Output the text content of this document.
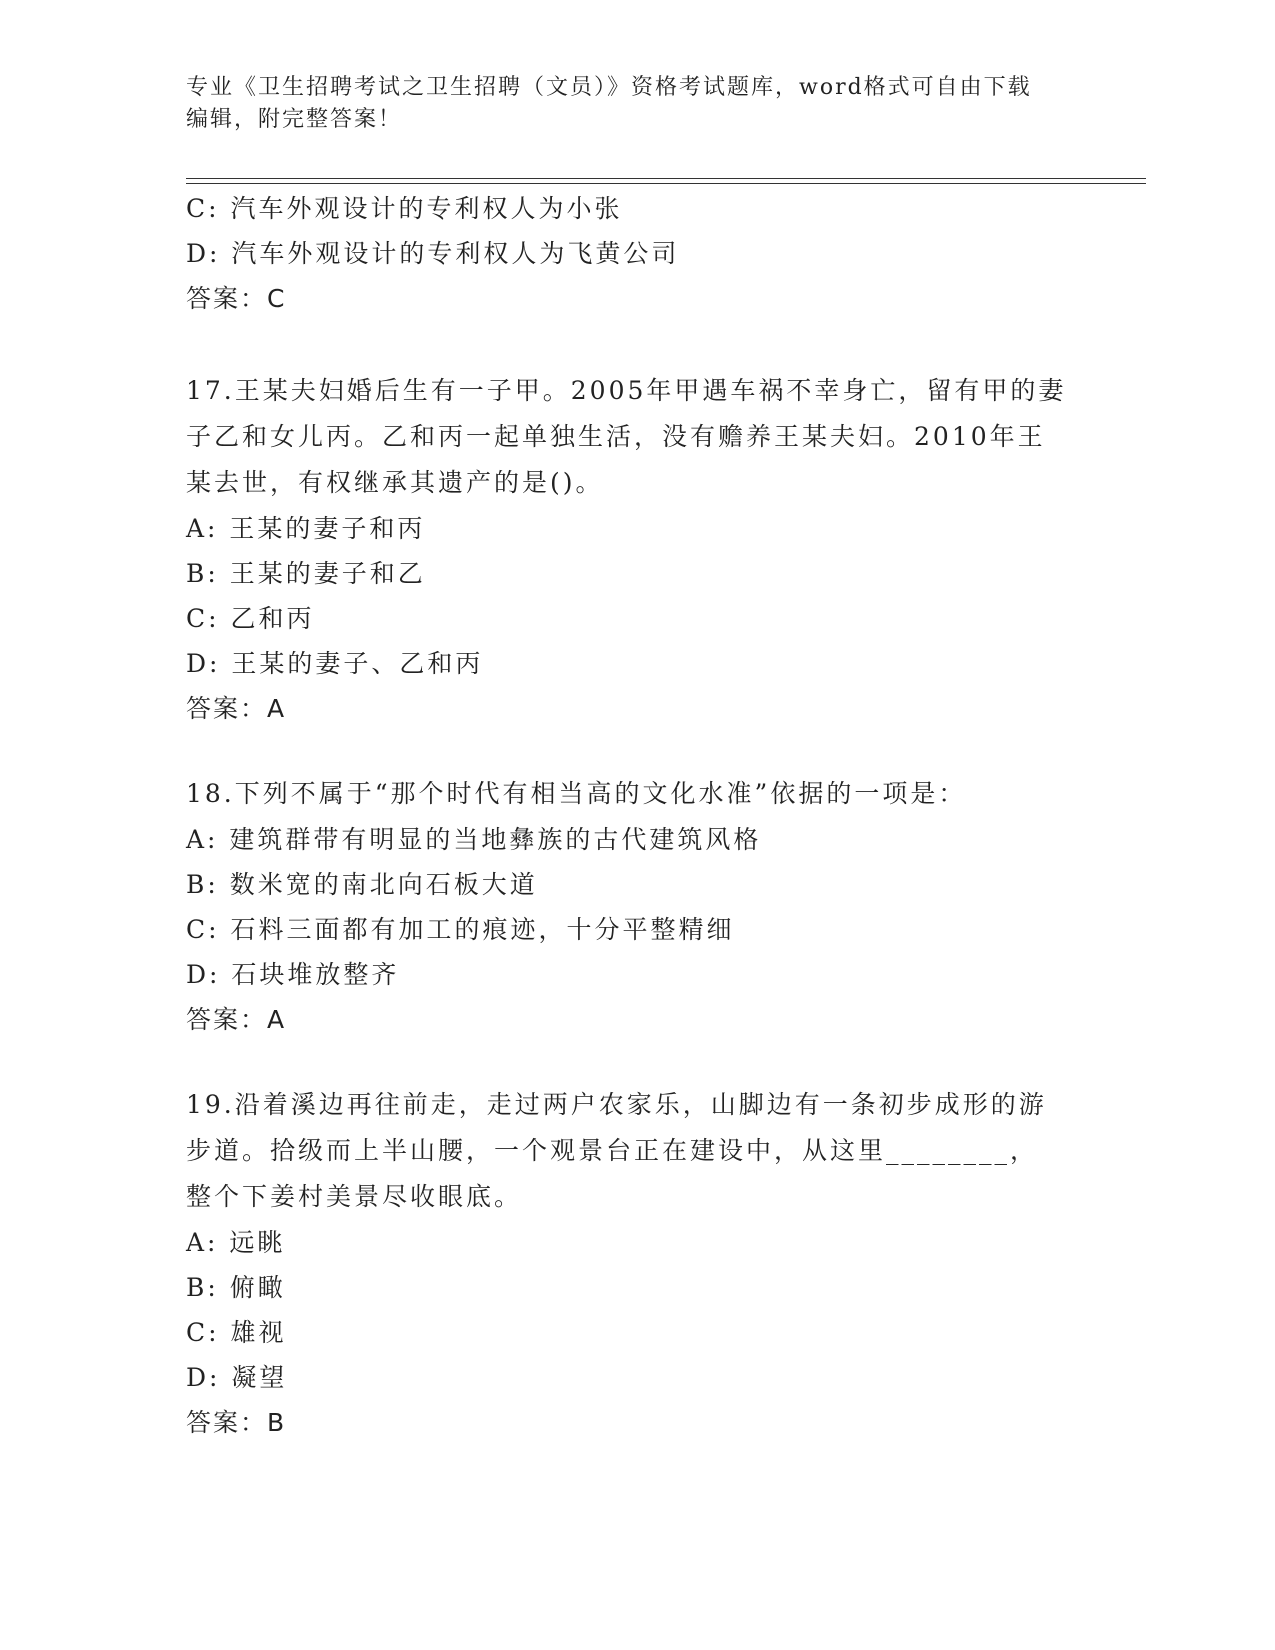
专业《卫生招聘考试之卫生招聘（文员）》资格考试题库，word格式可自由下载
编辑，附完整答案！
C: 汽车外观设计的专利权人为小张
D: 汽车外观设计的专利权人为飞黄公司
答案：C
17.王某夫妇婚后生有一子甲。2005年甲遇车祸不幸身亡，留有甲的妻
子乙和女儿丙。乙和丙一起单独生活，没有赡养王某夫妇。2010年王
某去世，有权继承其遗产的是()。
A: 王某的妻子和丙
B: 王某的妻子和乙
C: 乙和丙
D: 王某的妻子、乙和丙
答案：A
18.下列不属于“那个时代有相当高的文化水准”依据的一项是：
A: 建筑群带有明显的当地彝族的古代建筑风格
B: 数米宽的南北向石板大道
C: 石料三面都有加工的痕迹，十分平整精细
D: 石块堆放整齐
答案：A
19.沿着溪边再往前走，走过两户农家乐，山脚边有一条初步成形的游
步道。拾级而上半山腰，一个观景台正在建设中，从这里________，
整个下姜村美景尽收眼底。
A: 远眺
B: 俯瞰
C: 雄视
D: 凝望
答案：B
